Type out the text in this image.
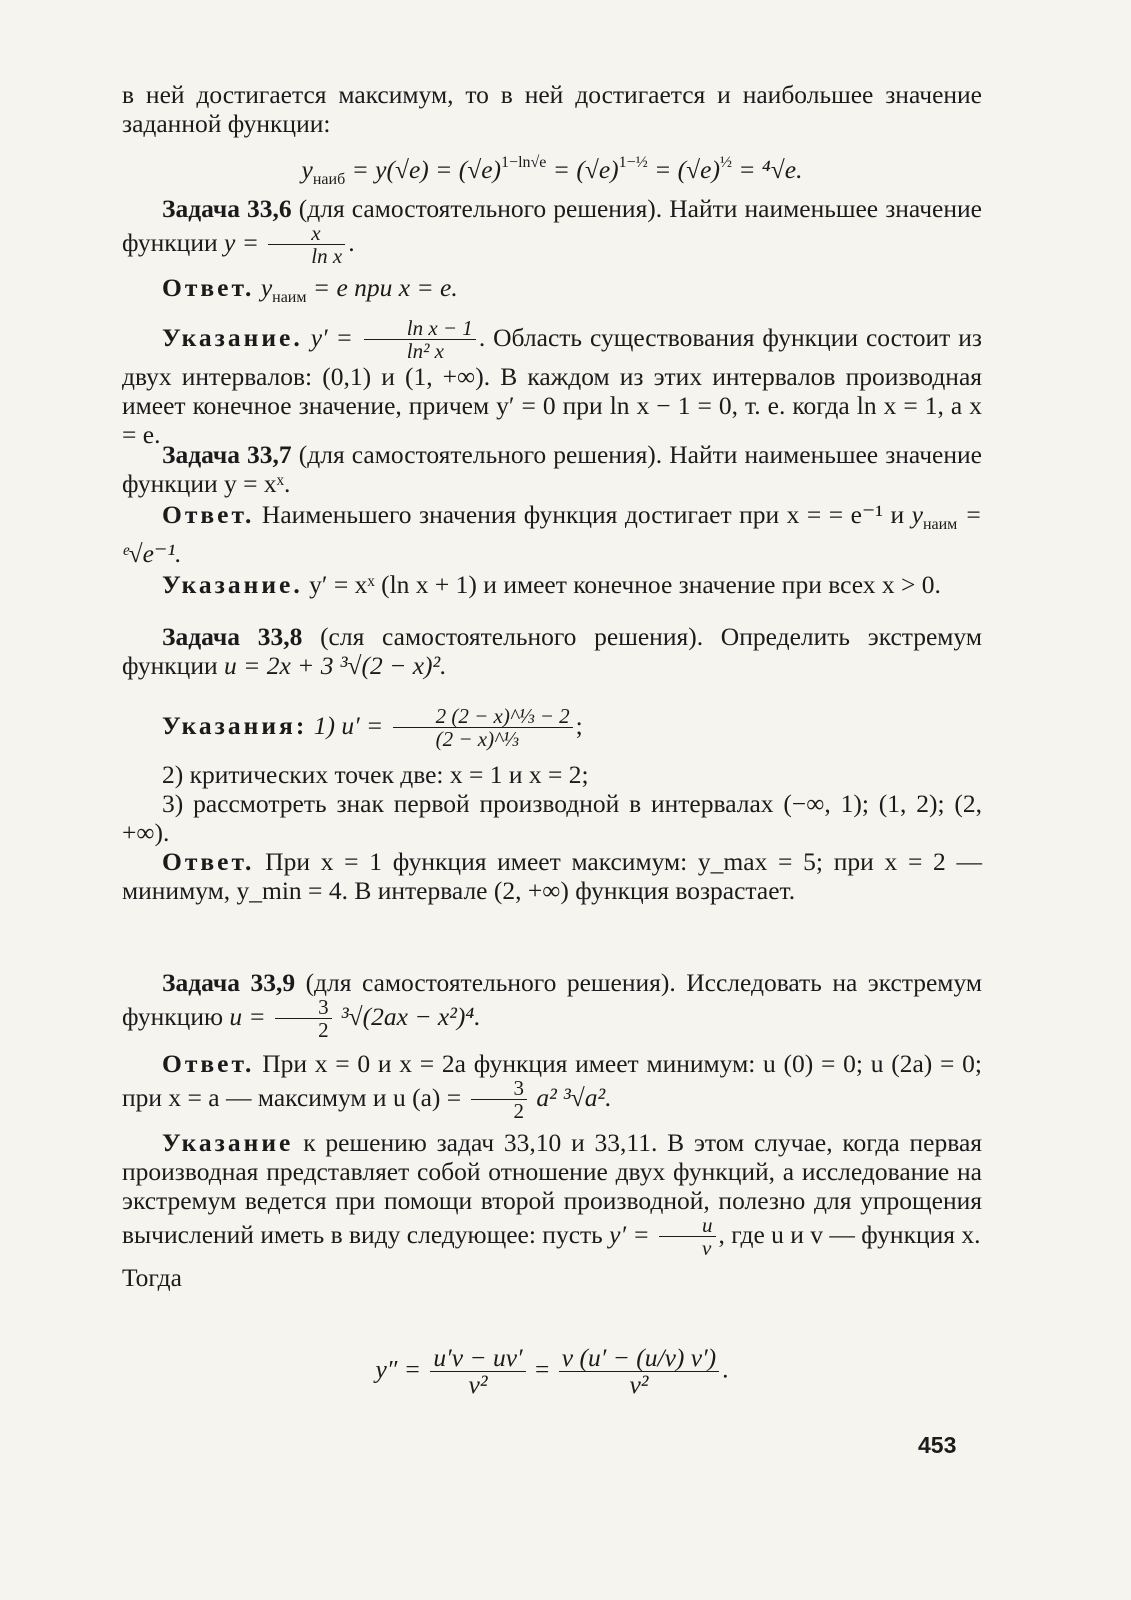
в ней достигается максимум, то в ней достигается и наибольшее значение заданной функции:

$y_{наиб} = y(√e) = (√e)^{1-ln√e} = (√e)^{1-\frac{1}{2}} = (√e)^{\frac{1}{2}} = ^4√e$.

Задача 33,6 (для самостоятельного решения). Найти наименьшее значение функции $y = \frac{x}{\text{ln x}}$ .

Ответ. $y_{наим} = e$ при x = e.

Указание. $y' = \frac{\text{ln x − 1}}{\text{ln² x}}$ . Область существования функции состоит из двух интервалов: (0,1) и (1, +∞). В каждом из этих интервалов производная имеет конечное значение, причем y′ = 0 при ln x − 1 = 0, т. е. когда ln x = 1, а x = e.

Задача 33,7 (для самостоятельного решения). Найти наименьшее значение функции y = xˣ.

Ответ. Наименьшего значения функция достигает при x = = e⁻¹ и $y_{наим}$ = ᵉ√e⁻¹.

Указание. y′ = xˣ (ln x + 1) и имеет конечное значение при всех x > 0.

Задача 33,8 (сля самостоятельного решения). Определить экстремум функции u = 2x + 3 ³√(2 − x)².

Указания: 1) $u' = \frac{\text{2 (2 − x)\textasciicircum{}⅓ − 2}}{\text{(2 − x)\textasciicircum{}⅓}}$ ;

2) критических точек две: x = 1 и x = 2;

3) рассмотреть знак первой производной в интервалах (−∞, 1); (1, 2); (2, +∞).

Ответ. При x = 1 функция имеет максимум: y_max = 5; при x = 2 — минимум, y_min = 4. В интервале (2, +∞) функция возрастает.

Задача 33,9 (для самостоятельного решения). Исследовать на экстремум функцию $u = \frac{3}{2} ^3√(2ax - x^2)^4$.

Ответ. При x = 0 и x = 2a функция имеет минимум: u (0) = 0; u (2a) = 0; при x = a — максимум и u $(a) = \frac{3}{2} a^2$ ³√a².

Указание к решению задач 33,10 и 33,11. В этом случае, когда первая производная представляет собой отношение двух функций, а исследование на экстремум ведется при помощи второй производной, полезно для упрощения вычислений иметь в виду следующее: пусть $y' = \frac{u}{v}$ , где u и v — функция x.

Тогда

$y'' = \frac{u'v - uv'}{\text{v²}} = \frac{v (u' - (u/v) v')}{\text{v²}}$ .
453
